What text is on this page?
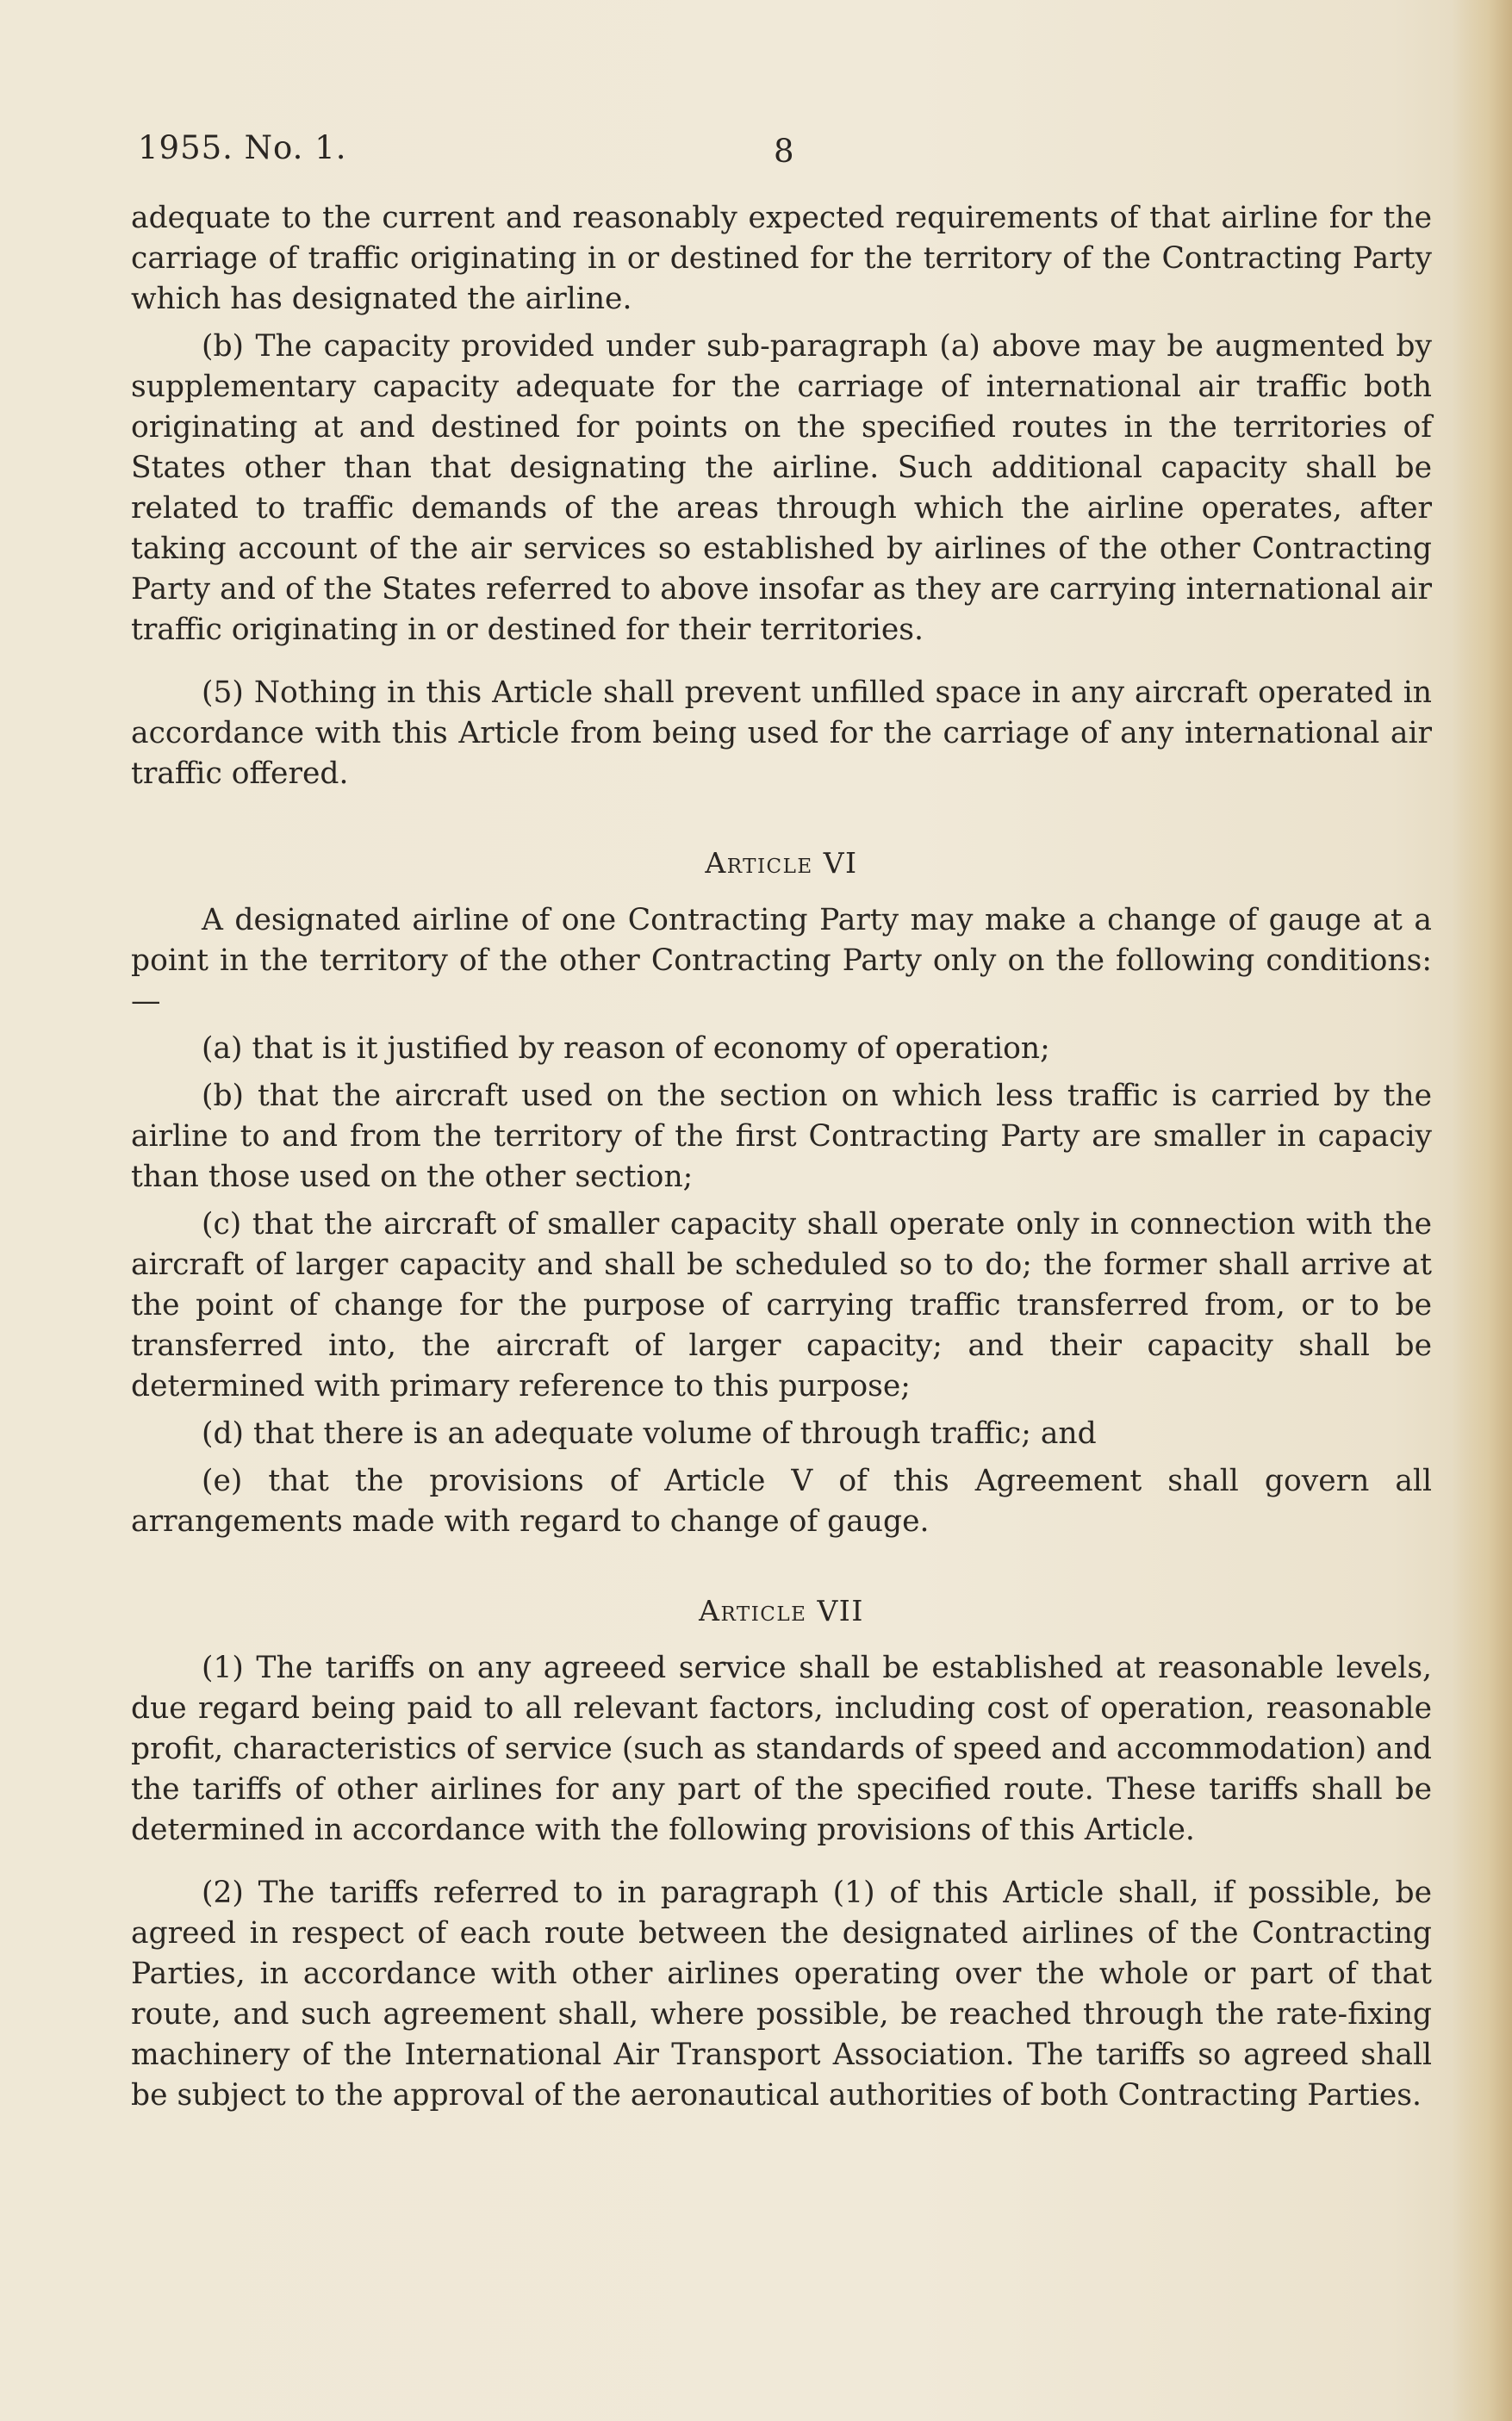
1955. No. 1.	8

adequate to the current and reasonably expected requirements of that airline for the carriage of traffic originating in or destined for the territory of the Contracting Party which has designated the airline.

(b) The capacity provided under sub-paragraph (a) above may be augmented by supplementary capacity adequate for the carriage of international air traffic both originating at and destined for points on the specified routes in the territories of States other than that designating the airline. Such additional capacity shall be related to traffic demands of the areas through which the airline operates, after taking account of the air services so established by airlines of the other Contracting Party and of the States referred to above insofar as they are carrying international air traffic originating in or destined for their territories.

(5) Nothing in this Article shall prevent unfilled space in any aircraft operated in accordance with this Article from being used for the carriage of any international air traffic offered.

Article VI

A designated airline of one Contracting Party may make a change of gauge at a point in the territory of the other Contracting Party only on the following conditions: —

(a) that is it justified by reason of economy of operation;

(b) that the aircraft used on the section on which less traffic is carried by the airline to and from the territory of the first Contracting Party are smaller in capaciy than those used on the other section;

(c) that the aircraft of smaller capacity shall operate only in connection with the aircraft of larger capacity and shall be scheduled so to do; the former shall arrive at the point of change for the purpose of carrying traffic transferred from, or to be transferred into, the aircraft of larger capacity; and their capacity shall be determined with primary reference to this purpose;

(d) that there is an adequate volume of through traffic; and

(e) that the provisions of Article V of this Agreement shall govern all arrangements made with regard to change of gauge.

Article VII

(1) The tariffs on any agreeed service shall be established at reasonable levels, due regard being paid to all relevant factors, including cost of operation, reasonable profit, characteristics of service (such as standards of speed and accommodation) and the tariffs of other airlines for any part of the specified route. These tariffs shall be determined in accordance with the following provisions of this Article.

(2) The tariffs referred to in paragraph (1) of this Article shall, if possible, be agreed in respect of each route between the designated airlines of the Contracting Parties, in accordance with other airlines operating over the whole or part of that route, and such agreement shall, where possible, be reached through the rate-fixing machinery of the International Air Transport Association. The tariffs so agreed shall be subject to the approval of the aeronautical authorities of both Contracting Parties.
